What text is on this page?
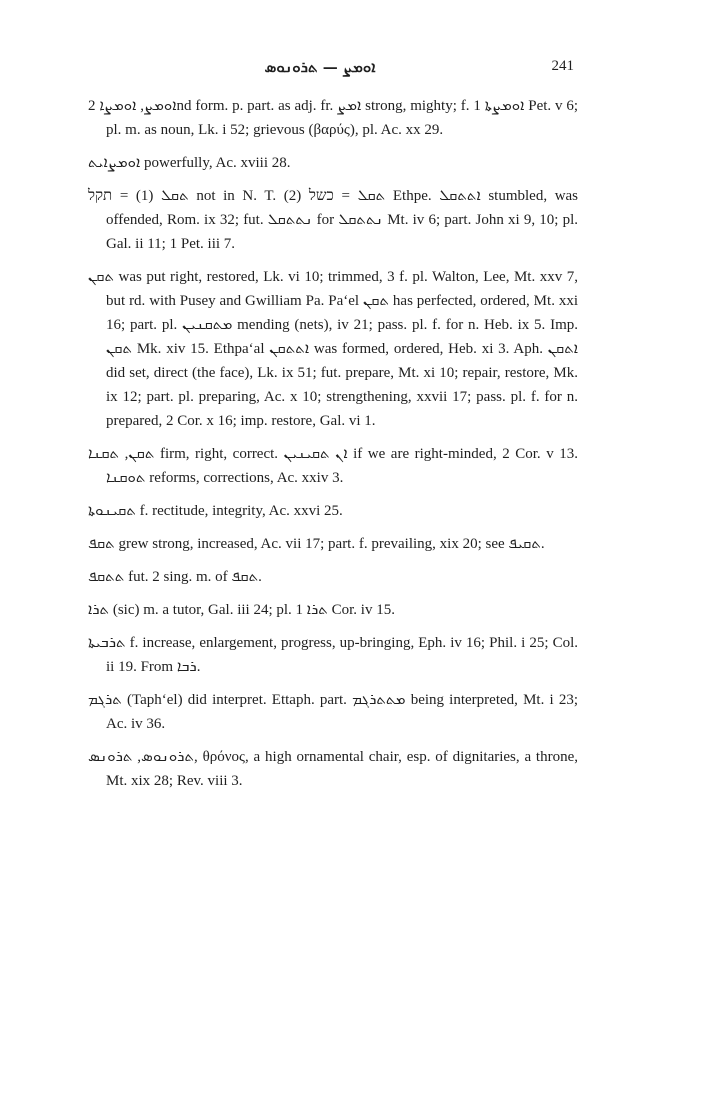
ܐܘܡܨ — ܬܪܘܢܘܣ	241

ܐܘܡܨ, ܐܘܡܨܐ 2nd form. p. part. as adj. fr. ܐܡܨ strong, mighty; f. ܐܘܡܨܬܐ 1 Pet. v 6; pl. m. as noun, Lk. i 52; grievous (βαρύς), pl. Ac. xx 29.

ܐܘܡܨܐܝܬ powerfully, Ac. xviii 28.

ܬܩܠ (1) = תקל not in N. T. (2) ܬܩܠ = כשל Ethpe. ܐܬܬܩܠ stumbled, was offended, Rom. ix 32; fut. ܢܬܬܩܠ for ܢܬܬܩܠ Mt. iv 6; part. John xi 9, 10; pl. Gal. ii 11; 1 Pet. iii 7.

ܬܩܢ was put right, restored, Lk. vi 10; trimmed, 3 f. pl. Walton, Lee, Mt. xxv 7, but rd. with Pusey and Gwilliam Pa. Pa‘el ܬܩܢ has perfected, ordered, Mt. xxi 16; part. pl. ܡܬܩܢܝܢ mending (nets), iv 21; pass. pl. f. for n. Heb. ix 5. Imp. ܬܩܢ Mk. xiv 15. Ethpa‘al ܐܬܬܩܢ was formed, ordered, Heb. xi 3. Aph. ܐܬܩܢ did set, direct (the face), Lk. ix 51; fut. prepare, Mt. xi 10; repair, restore, Mk. ix 12; part. pl. preparing, Ac. x 10; strengthening, xxvii 17; pass. pl. f. for n. prepared, 2 Cor. x 16; imp. restore, Gal. vi 1.

ܬܩܢ, ܬܩܢܐ firm, right, correct. ܐܢ ܬܩܝܢܝܢ if we are right-minded, 2 Cor. v 13. ܬܘܩܢܐ reforms, corrections, Ac. xxiv 3.

ܬܩܝܢܘܬܐ f. rectitude, integrity, Ac. xxvi 25.

ܬܩܦ grew strong, increased, Ac. vii 17; part. f. prevailing, xix 20; see ܬܩܝܦ.

ܬܬܩܦ fut. 2 sing. m. of ܬܩܦ.

ܬܪܐ (sic) m. a tutor, Gal. iii 24; pl. ܬܪܐ 1 Cor. iv 15.

ܬܪܒܝܬܐ f. increase, enlargement, progress, up-bringing, Eph. iv 16; Phil. i 25; Col. ii 19. From ܪܒܐ.

ܬܪܓܡ (Taph‘el) did interpret. Ettaph. part. ܡܬܬܪܓܡ being interpreted, Mt. i 23; Ac. iv 36.

ܬܪܘܢܘܣ, ܬܪܘܢܣ, θρόνος, a high ornamental chair, esp. of dignitaries, a throne, Mt. xix 28; Rev. viii 3.
